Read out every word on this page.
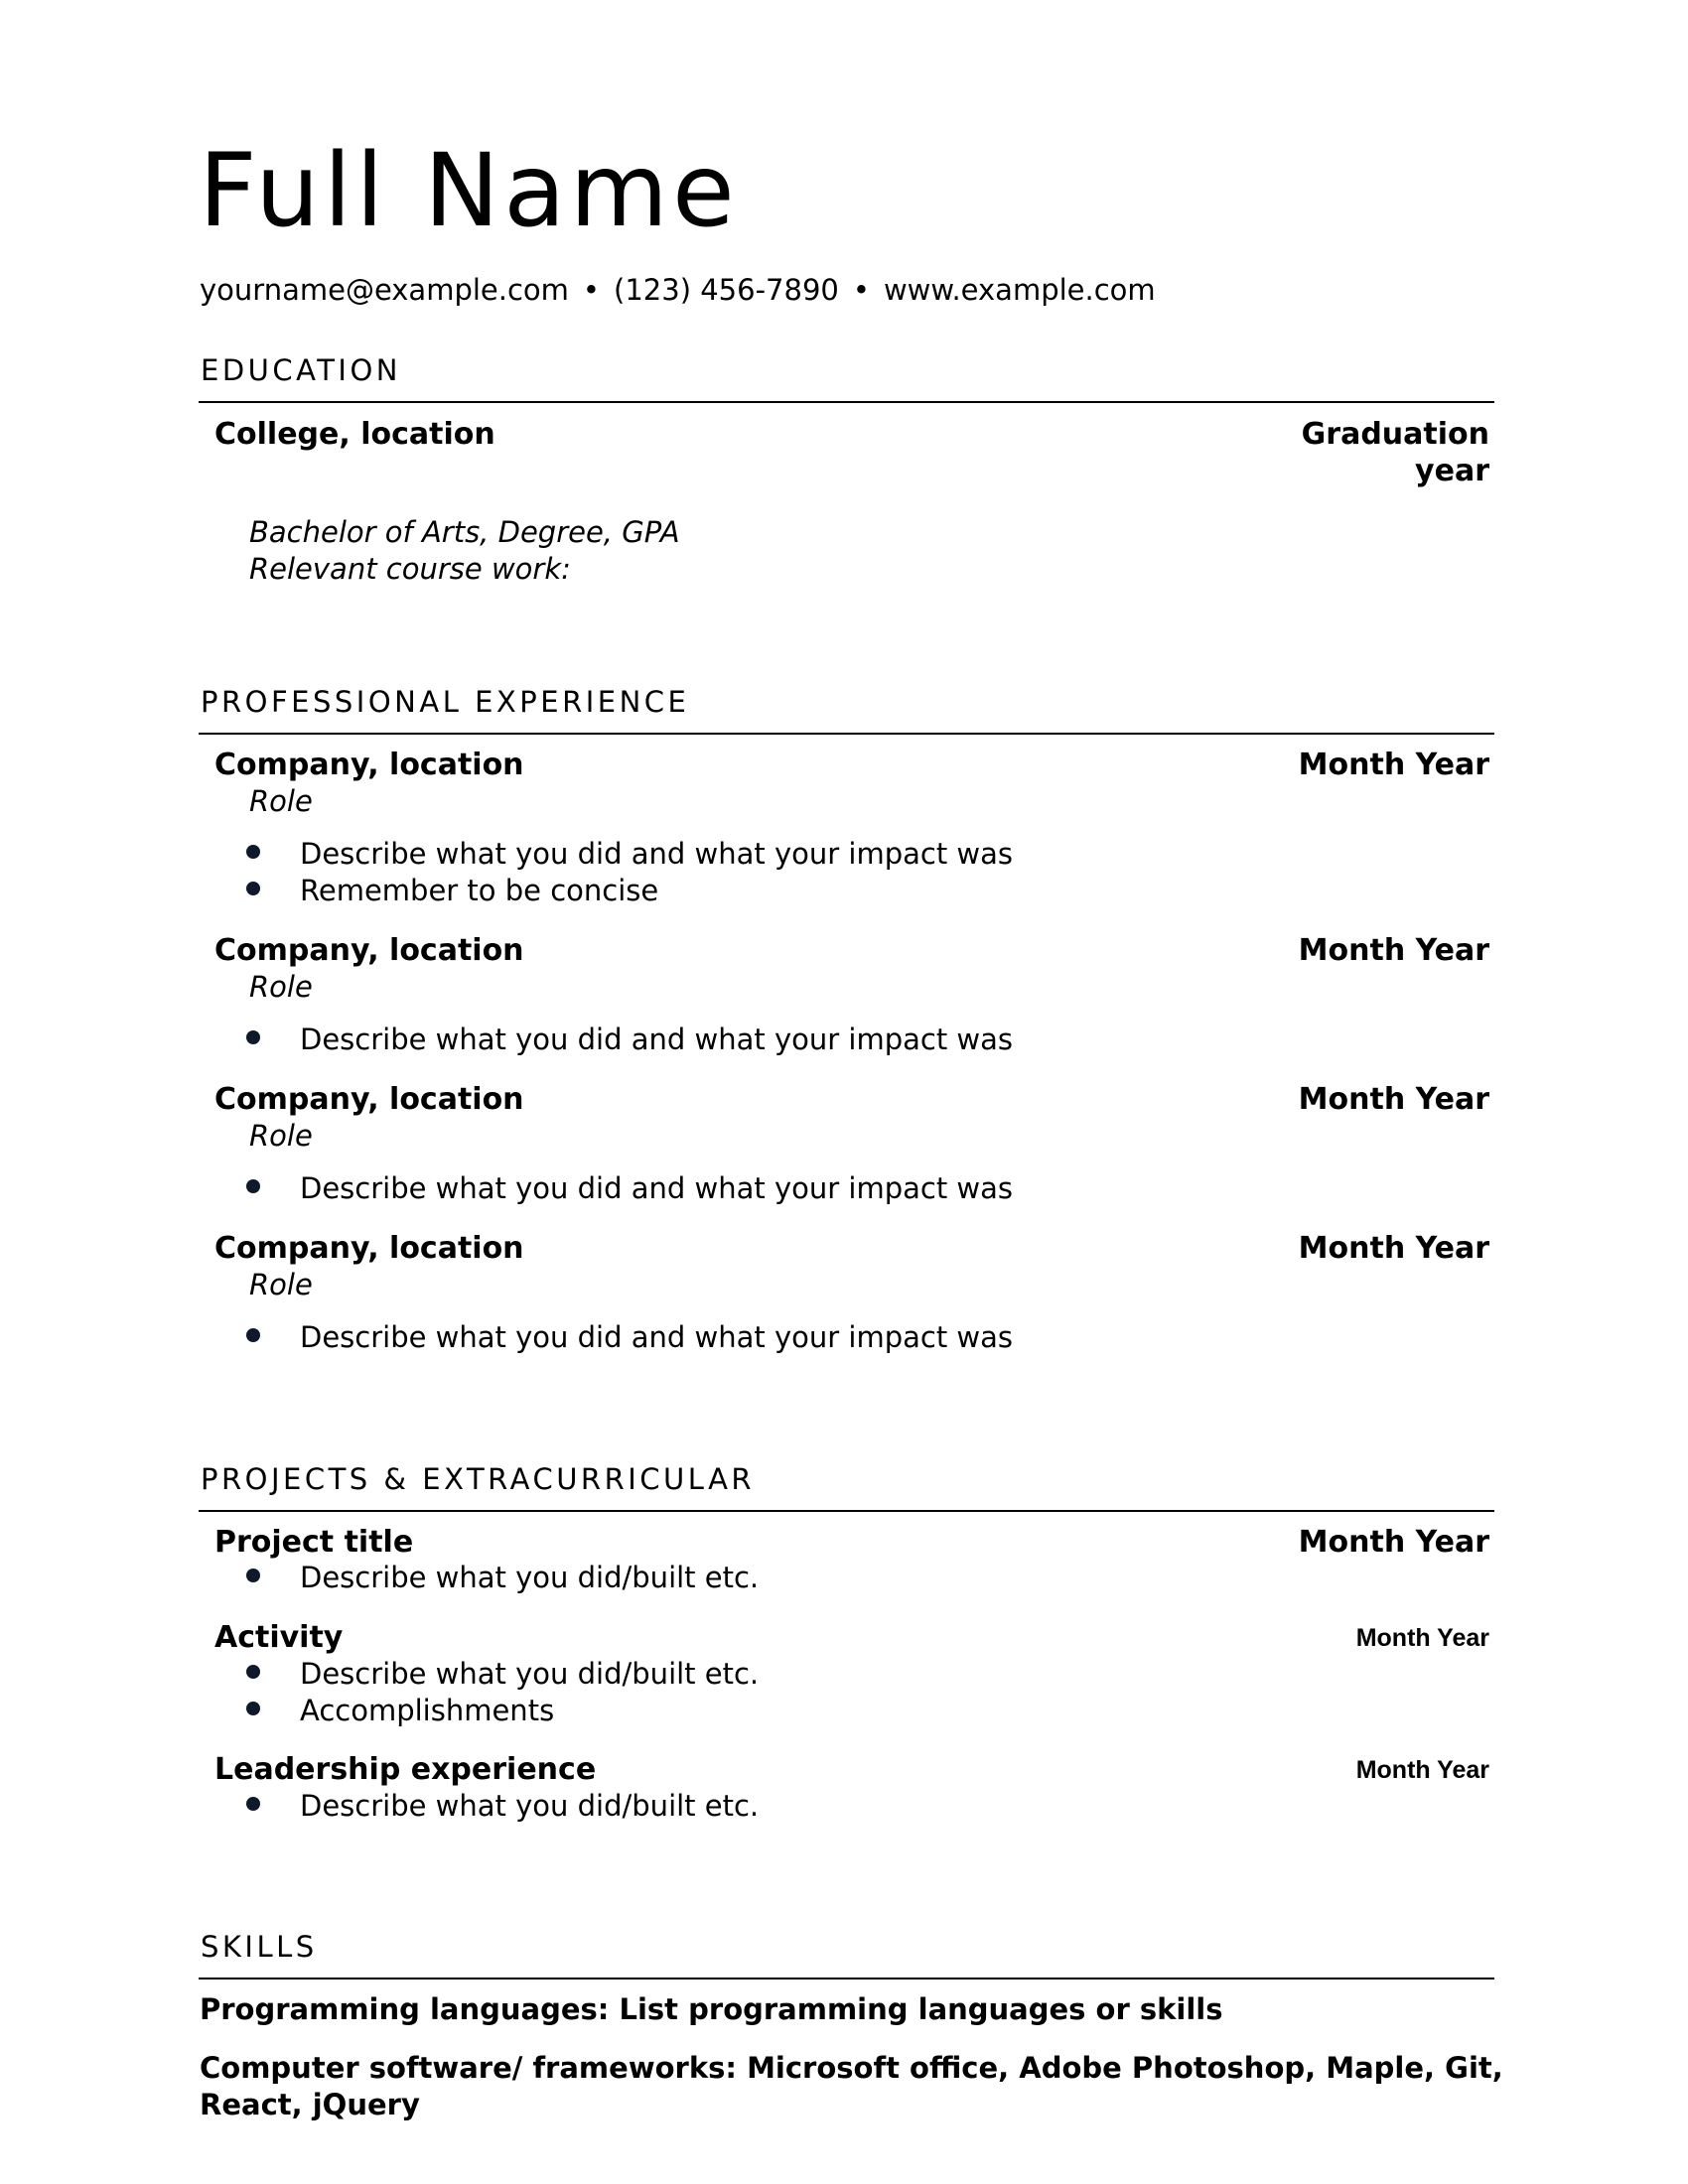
Full Name
yourname@example.com • (123) 456-7890 • www.example.com
EDUCATION
College, location	Graduation
year
Bachelor of Arts, Degree, GPA
Relevant course work:
PROFESSIONAL EXPERIENCE
Company, location	Month Year
Role
Describe what you did and what your impact was
Remember to be concise
Company, location	Month Year
Role
Describe what you did and what your impact was
Company, location	Month Year
Role
Describe what you did and what your impact was
Company, location	Month Year
Role
Describe what you did and what your impact was
PROJECTS & EXTRACURRICULAR
Project title	Month Year
Describe what you did/built etc.
Activity	Month Year
Describe what you did/built etc.
Accomplishments
Leadership experience	Month Year
Describe what you did/built etc.
SKILLS
Programming languages: List programming languages or skills
Computer software/ frameworks: Microsoft office, Adobe Photoshop, Maple, Git,
React, jQuery
